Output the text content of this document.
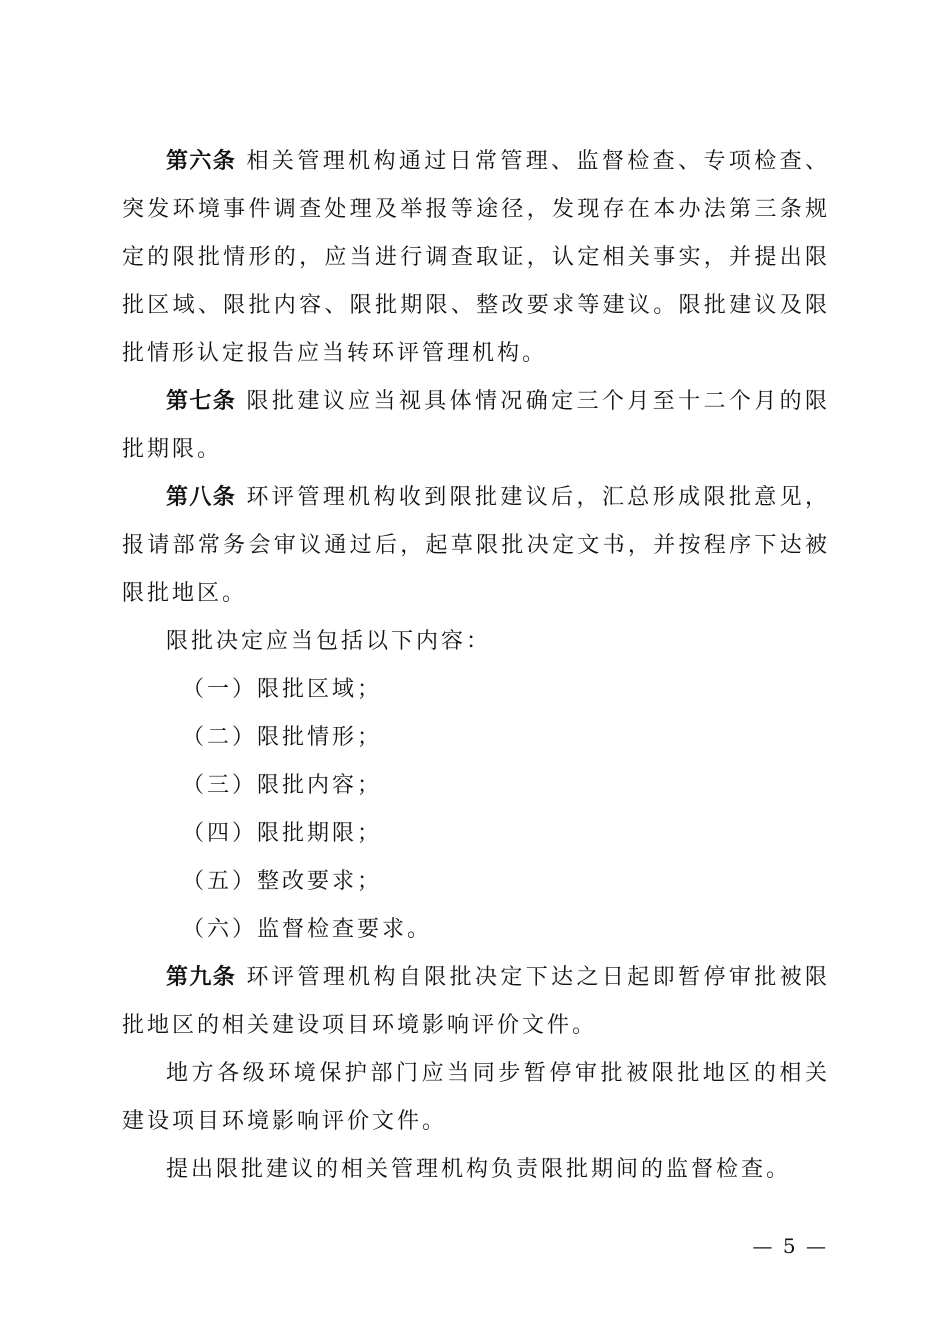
第六条 相关管理机构通过日常管理、监督检查、专项检查、突发环境事件调查处理及举报等途径，发现存在本办法第三条规定的限批情形的，应当进行调查取证，认定相关事实，并提出限批区域、限批内容、限批期限、整改要求等建议。限批建议及限批情形认定报告应当转环评管理机构。

第七条 限批建议应当视具体情况确定三个月至十二个月的限批期限。

第八条 环评管理机构收到限批建议后，汇总形成限批意见，报请部常务会审议通过后，起草限批决定文书，并按程序下达被限批地区。

限批决定应当包括以下内容：

（一）限批区域；

（二）限批情形；

（三）限批内容；

（四）限批期限；

（五）整改要求；

（六）监督检查要求。

第九条 环评管理机构自限批决定下达之日起即暂停审批被限批地区的相关建设项目环境影响评价文件。

地方各级环境保护部门应当同步暂停审批被限批地区的相关建设项目环境影响评价文件。

提出限批建议的相关管理机构负责限批期间的监督检查。

— 5 —
